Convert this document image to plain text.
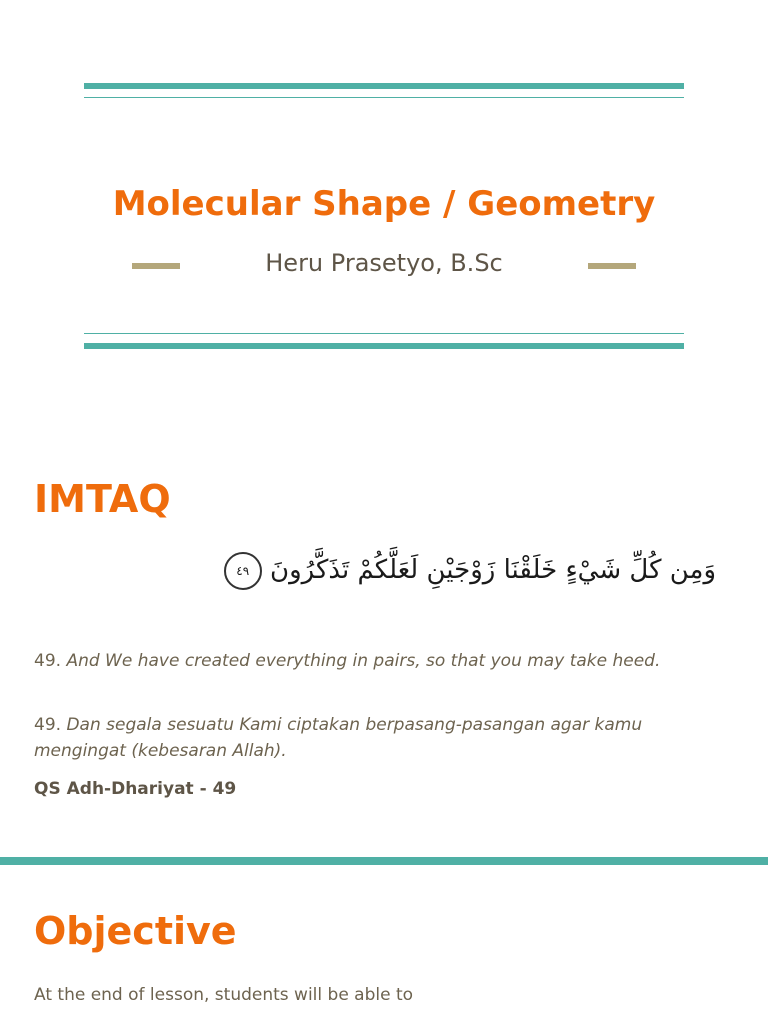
Molecular Shape / Geometry
Heru Prasetyo, B.Sc
IMTAQ
وَمِن كُلِّ شَيْءٍ خَلَقْنَا زَوْجَيْنِ لَعَلَّكُمْ تَذَكَّرُونَ ٤٩
49. And We have created everything in pairs, so that you may take heed.
49. Dan segala sesuatu Kami ciptakan berpasang-pasangan agar kamu mengingat (kebesaran Allah).
QS Adh-Dhariyat - 49
Objective
At the end of lesson, students will be able to
